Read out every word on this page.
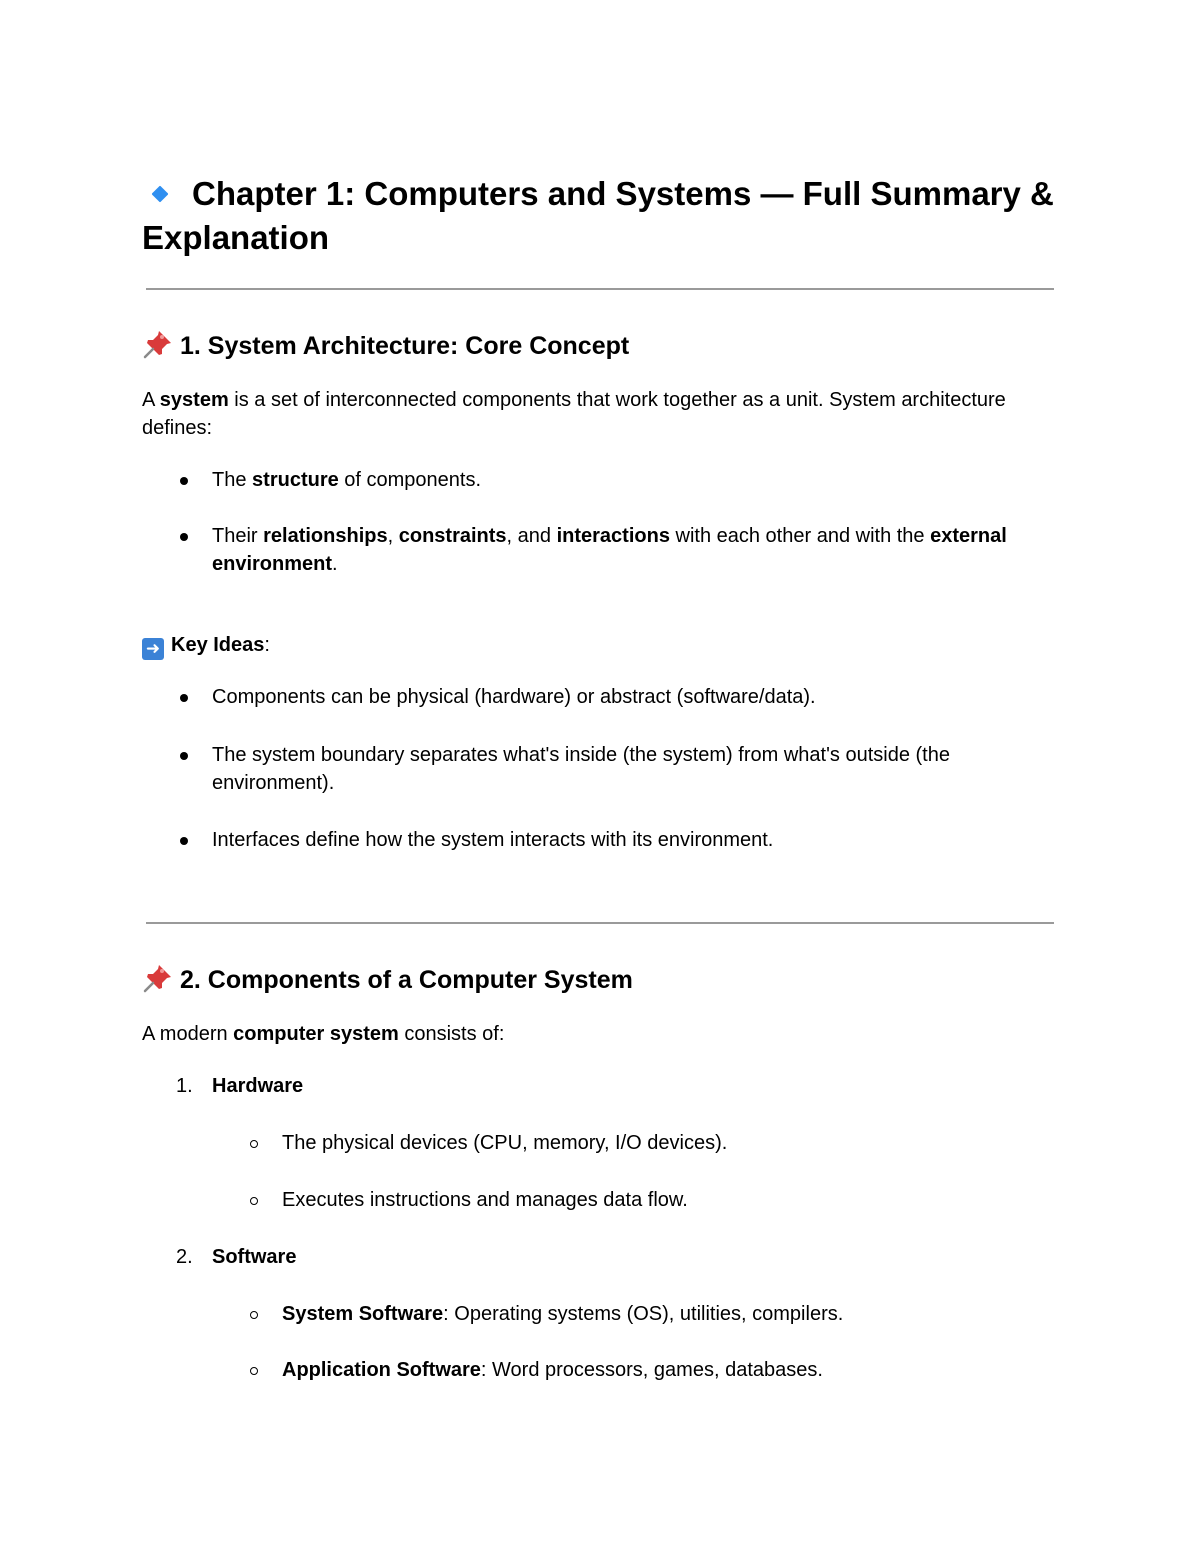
Chapter 1: Computers and Systems — Full Summary & Explanation
1. System Architecture: Core Concept

A system is a set of interconnected components that work together as a unit. System architecture defines:

The structure of components.
Their relationships, constraints, and interactions with each other and with the external environment.

➜ Key Ideas:

Components can be physical (hardware) or abstract (software/data).
The system boundary separates what's inside (the system) from what's outside (the environment).
Interfaces define how the system interacts with its environment.
2. Components of a Computer System

A modern computer system consists of:

1. Hardware
The physical devices (CPU, memory, I/O devices).
Executes instructions and manages data flow.
2. Software
System Software: Operating systems (OS), utilities, compilers.
Application Software: Word processors, games, databases.
